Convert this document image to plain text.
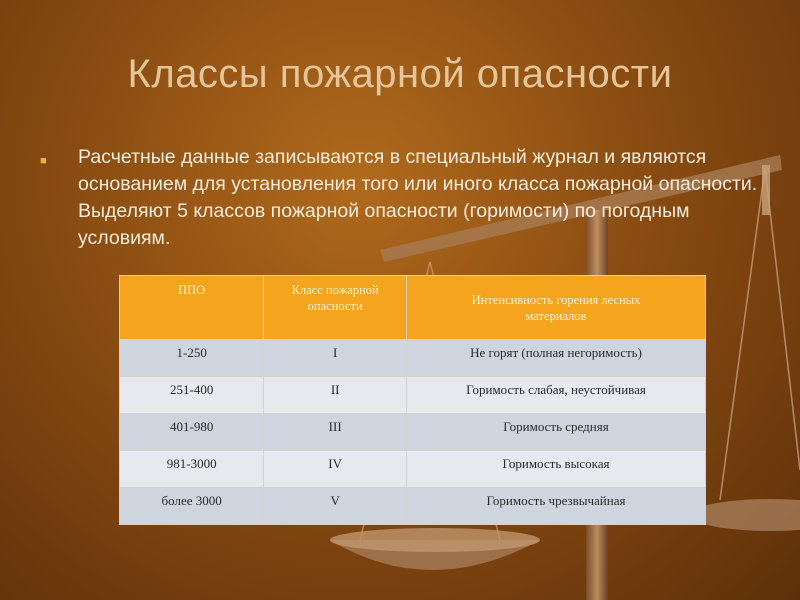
Классы пожарной опасности
■ Расчетные данные записываются в специальный журнал и являются основанием для установления того или иного класса пожарной опасности. Выделяют 5 классов пожарной опасности (горимости) по погодным условиям.
ППО	Класс пожарной опасности	Интенсивность горения лесных материалов

1-250	I	Не горят (полная негоримость)

251-400	II	Горимость слабая, неустойчивая

401-980	III	Горимость средняя

981-3000	IV	Горимость высокая

более 3000	V	Горимость чрезвычайная
